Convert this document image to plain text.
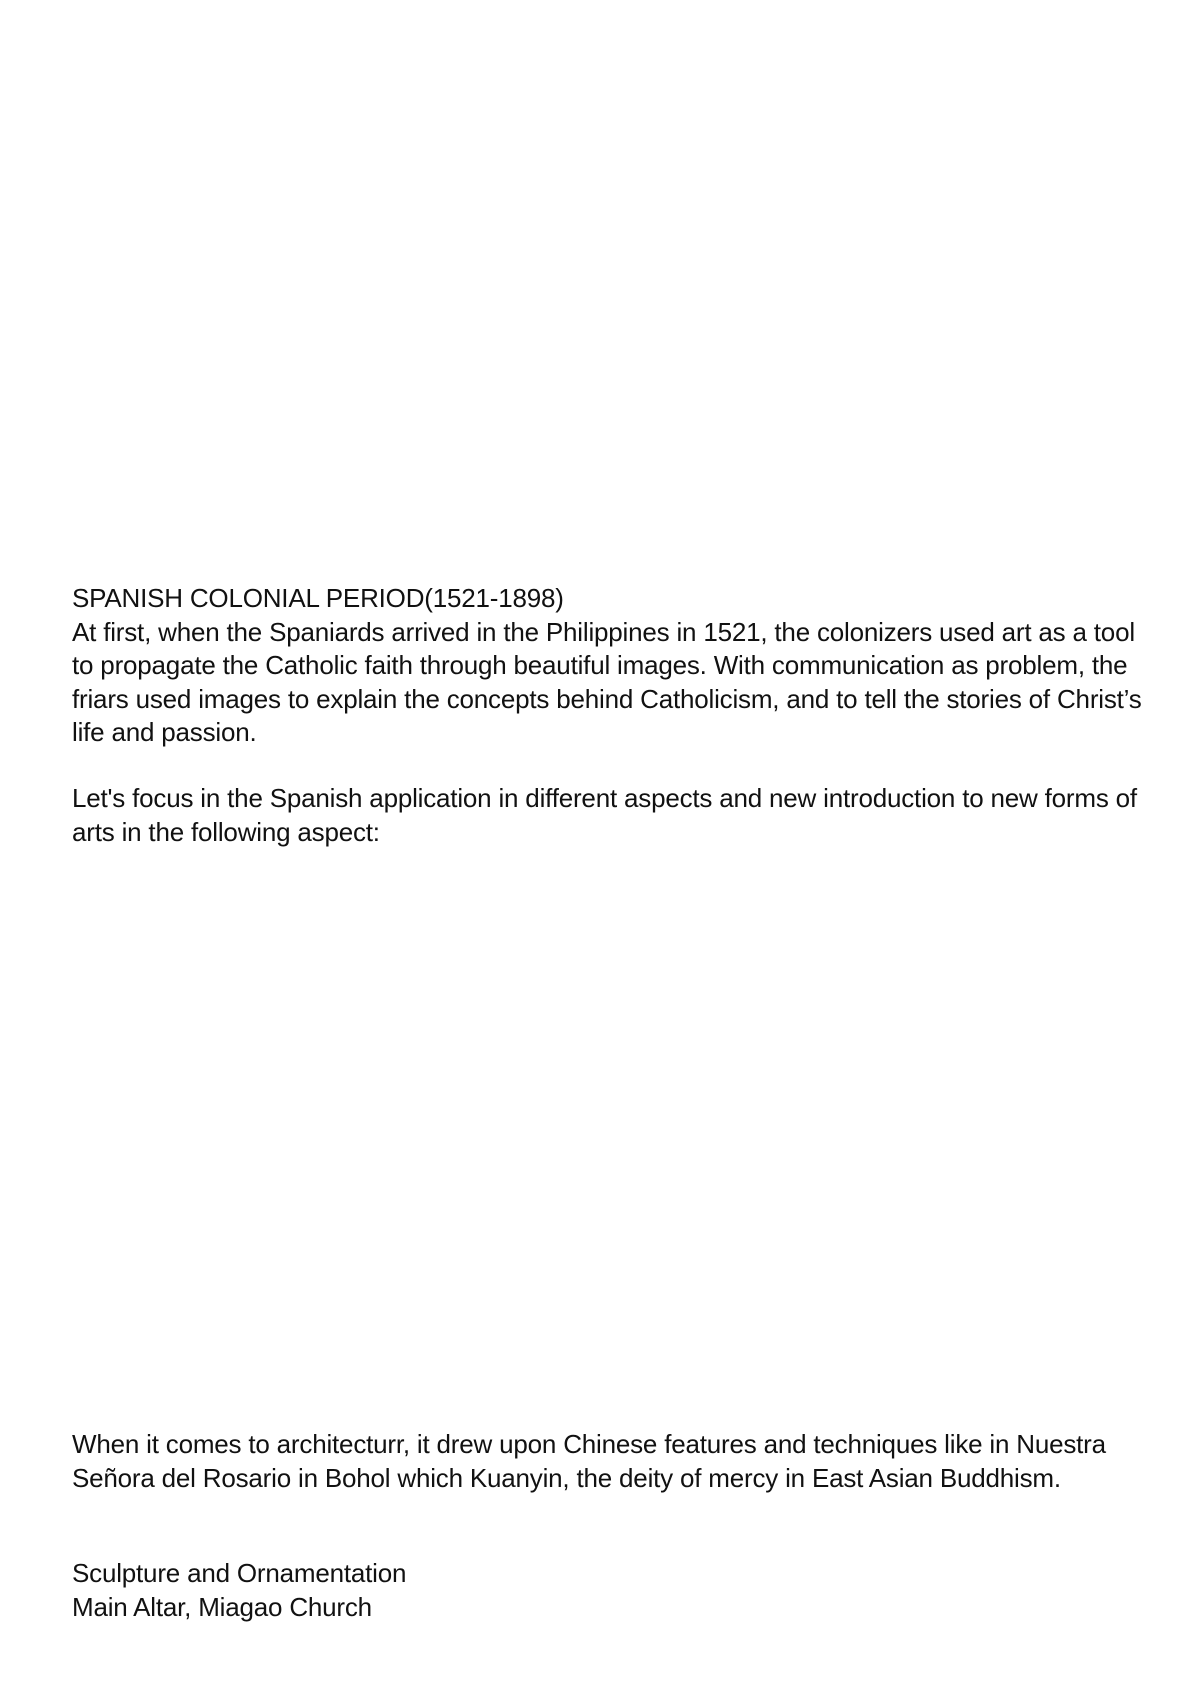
SPANISH COLONIAL PERIOD(1521-1898)

At first, when the Spaniards arrived in the Philippines in 1521, the colonizers used art as a tool to propagate the Catholic faith through beautiful images. With communication as problem, the friars used images to explain the concepts behind Catholicism, and to tell the stories of Christ’s life and passion.

Let's focus in the Spanish application in different aspects and new introduction to new forms of arts in the following aspect:

When it comes to architecturr, it drew upon Chinese features and techniques like in Nuestra Señora del Rosario in Bohol which Kuanyin, the deity of mercy in East Asian Buddhism.

Sculpture and Ornamentation

Main Altar, Miagao Church
